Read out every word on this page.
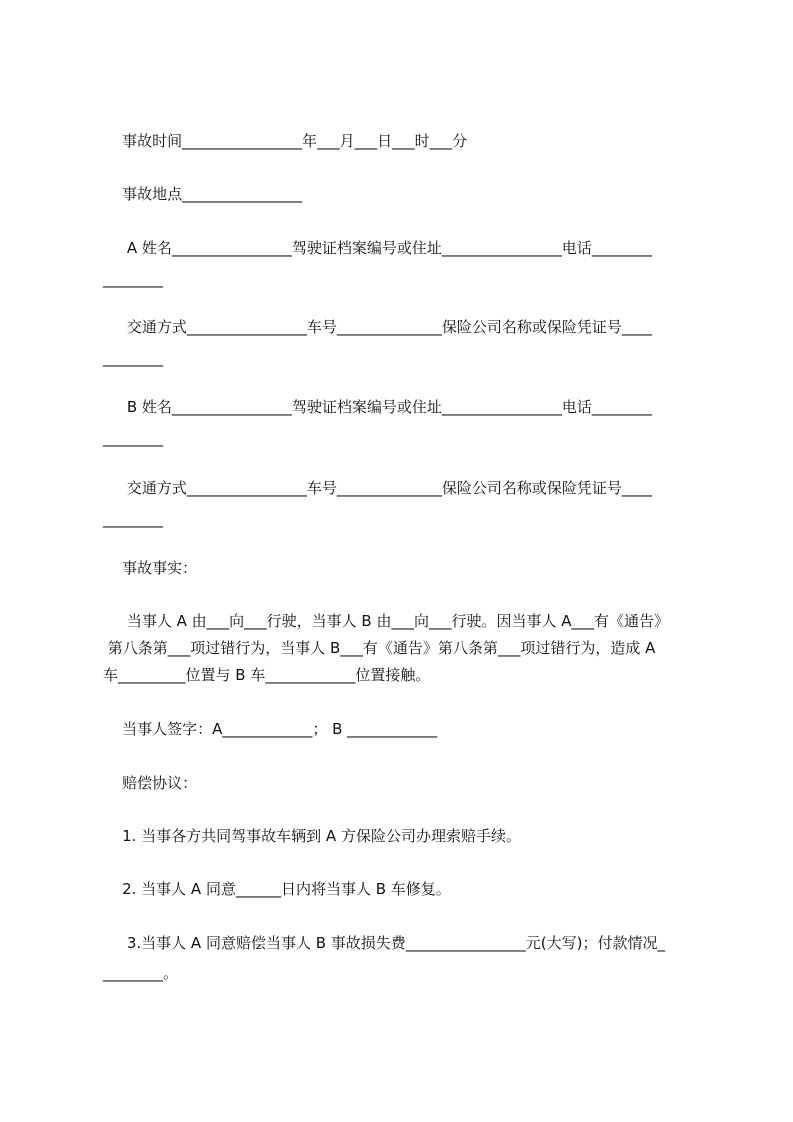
事故时间________________年___月___日___时___分
事故地点________________
A 姓名________________驾驶证档案编号或住址________________电话________
________
交通方式________________车号______________保险公司名称或保险凭证号____
________
B 姓名________________驾驶证档案编号或住址________________电话________
________
交通方式________________车号______________保险公司名称或保险凭证号____
________
事故事实：
当事人 A 由___向___行驶，当事人 B 由___向___行驶。因当事人 A___有《通告》
第八条第___项过错行为，当事人 B___有《通告》第八条第___项过错行为，造成 A
车_________位置与 B 车____________位置接触。
当事人签字：A____________； B ____________
赔偿协议：
1. 当事各方共同驾事故车辆到 A 方保险公司办理索赔手续。
2. 当事人 A 同意______日内将当事人 B 车修复。
3.当事人 A 同意赔偿当事人 B 事故损失费________________元(大写)；付款情况_
________。
